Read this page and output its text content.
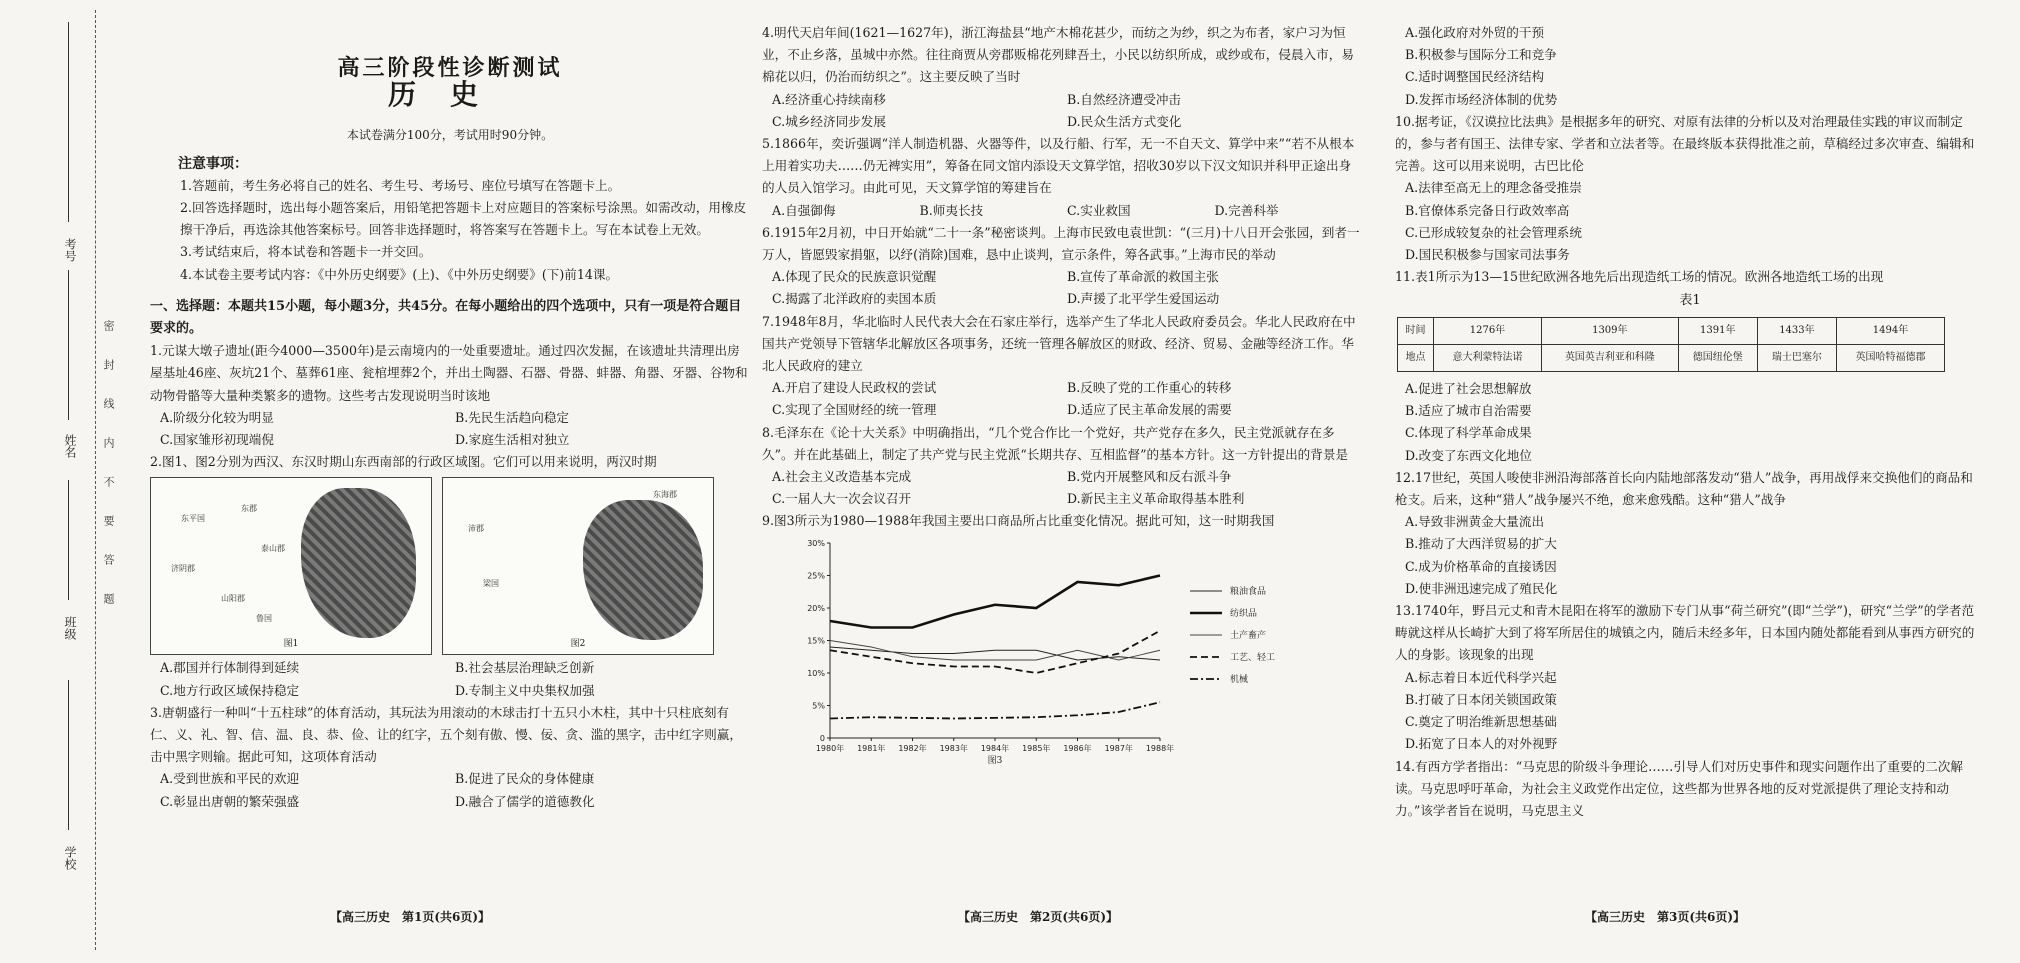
考号
姓名
班级
学校
密封线内不要答题
高三阶段性诊断测试
历史
本试卷满分100分，考试用时90分钟。
注意事项：
1.答题前，考生务必将自己的姓名、考生号、考场号、座位号填写在答题卡上。
2.回答选择题时，选出每小题答案后，用铅笔把答题卡上对应题目的答案标号涂黑。如需改动，用橡皮擦干净后，再选涂其他答案标号。回答非选择题时，将答案写在答题卡上。写在本试卷上无效。
3.考试结束后，将本试卷和答题卡一并交回。
4.本试卷主要考试内容：《中外历史纲要》(上)、《中外历史纲要》(下)前14课。
一、选择题：本题共15小题，每小题3分，共45分。在每小题给出的四个选项中，只有一项是符合题目要求的。

1.元谋大墩子遗址(距今4000—3500年)是云南境内的一处重要遗址。通过四次发掘，在该遗址共清理出房屋基址46座、灰坑21个、墓葬61座、瓮棺埋葬2个，并出土陶器、石器、骨器、蚌器、角器、牙器、谷物和动物骨骼等大量种类繁多的遗物。这些考古发现说明当时该地

A.阶级分化较为明显	B.先民生活趋向稳定
C.国家雏形初现端倪	D.家庭生活相对独立

2.图1、图2分别为西汉、东汉时期山东西南部的行政区域图。它们可以用来说明，两汉时期

东平国
济阴郡
山阳郡
东郡
泰山郡
鲁国
图1
沛郡
梁国
东海郡
图2
A.郡国并行体制得到延续	B.社会基层治理缺乏创新
C.地方行政区域保持稳定	D.专制主义中央集权加强

3.唐朝盛行一种叫“十五柱球”的体育活动，其玩法为用滚动的木球击打十五只小木柱，其中十只柱底刻有仁、义、礼、智、信、温、良、恭、俭、让的红字，五个刻有傲、慢、佞、贪、滥的黑字，击中红字则赢，击中黑字则输。据此可知，这项体育活动

A.受到世族和平民的欢迎	B.促进了民众的身体健康
C.彰显出唐朝的繁荣强盛	D.融合了儒学的道德教化
【高三历史　第1页(共6页)】

4.明代天启年间(1621—1627年)，浙江海盐县“地产木棉花甚少，而纺之为纱，织之为布者，家户习为恒业，不止乡落，虽城中亦然。往往商贾从旁郡贩棉花列肆吾土，小民以纺织所成，或纱或布，侵晨入市，易棉花以归，仍治而纺织之”。这主要反映了当时

A.经济重心持续南移	B.自然经济遭受冲击
C.城乡经济同步发展	D.民众生活方式变化

5.1866年，奕䜣强调“洋人制造机器、火器等件，以及行船、行军，无一不自天文、算学中来”“若不从根本上用着实功夫……仍无裨实用”，筹备在同文馆内添设天文算学馆，招收30岁以下汉文知识并科甲正途出身的人员入馆学习。由此可见，天文算学馆的筹建旨在

A.自强御侮	B.师夷长技	C.实业救国	D.完善科举

6.1915年2月初，中日开始就“二十一条”秘密谈判。上海市民致电袁世凯：“(三月)十八日开会张园，到者一万人，皆愿毁家捐躯，以纾(消除)国难，恳中止谈判，宣示条件，筹各武事。”上海市民的举动

A.体现了民众的民族意识觉醒	B.宣传了革命派的救国主张
C.揭露了北洋政府的卖国本质	D.声援了北平学生爱国运动

7.1948年8月，华北临时人民代表大会在石家庄举行，选举产生了华北人民政府委员会。华北人民政府在中国共产党领导下管辖华北解放区各项事务，还统一管理各解放区的财政、经济、贸易、金融等经济工作。华北人民政府的建立

A.开启了建设人民政权的尝试	B.反映了党的工作重心的转移
C.实现了全国财经的统一管理	D.适应了民主革命发展的需要

8.毛泽东在《论十大关系》中明确指出，“几个党合作比一个党好，共产党存在多久，民主党派就存在多久”。并在此基础上，制定了共产党与民主党派“长期共存、互相监督”的基本方针。这一方针提出的背景是

A.社会主义改造基本完成	B.党内开展整风和反右派斗争
C.一届人大一次会议召开	D.新民主主义革命取得基本胜利

9.图3所示为1980—1988年我国主要出口商品所占比重变化情况。据此可知，这一时期我国

0
5%
10%
15%
20%
25%
30%
1980年 1981年 1982年 1983年 1984年 1985年 1986年 1987年 1988年
图3
粮油食品
纺织品
土产畜产
工艺、轻工
机械
【高三历史　第2页(共6页)】
A.强化政府对外贸的干预
B.积极参与国际分工和竞争
C.适时调整国民经济结构
D.发挥市场经济体制的优势

10.据考证，《汉谟拉比法典》是根据多年的研究、对原有法律的分析以及对治理最佳实践的审议而制定的，参与者有国王、法律专家、学者和立法者等。在最终版本获得批准之前，草稿经过多次审查、编辑和完善。这可以用来说明，古巴比伦

A.法律至高无上的理念备受推崇
B.官僚体系完备日行政效率高
C.已形成较复杂的社会管理系统
D.国民积极参与国家司法事务

11.表1所示为13—15世纪欧洲各地先后出现造纸工场的情况。欧洲各地造纸工场的出现

表1
时间	1276年	1309年	1391年	1433年	1494年
地点	意大利蒙特法诺	英国英吉利亚和科隆	德国纽伦堡	瑞士巴塞尔	英国哈特福德郡
A.促进了社会思想解放
B.适应了城市自治需要
C.体现了科学革命成果
D.改变了东西文化地位

12.17世纪，英国人唆使非洲沿海部落首长向内陆地部落发动“猎人”战争，再用战俘来交换他们的商品和枪支。后来，这种“猎人”战争屡兴不绝，愈来愈残酷。这种“猎人”战争

A.导致非洲黄金大量流出
B.推动了大西洋贸易的扩大
C.成为价格革命的直接诱因
D.使非洲迅速完成了殖民化

13.1740年，野吕元丈和青木昆阳在将军的激励下专门从事“荷兰研究”(即“兰学”)，研究“兰学”的学者范畴就这样从长崎扩大到了将军所居住的城镇之内，随后未经多年，日本国内随处都能看到从事西方研究的人的身影。该现象的出现

A.标志着日本近代科学兴起
B.打破了日本闭关锁国政策
C.奠定了明治维新思想基础
D.拓宽了日本人的对外视野

14.有西方学者指出：“马克思的阶级斗争理论……引导人们对历史事件和现实问题作出了重要的二次解读。马克思呼吁革命，为社会主义政党作出定位，这些都为世界各地的反对党派提供了理论支持和动力。”该学者旨在说明，马克思主义

【高三历史　第3页(共6页)】
